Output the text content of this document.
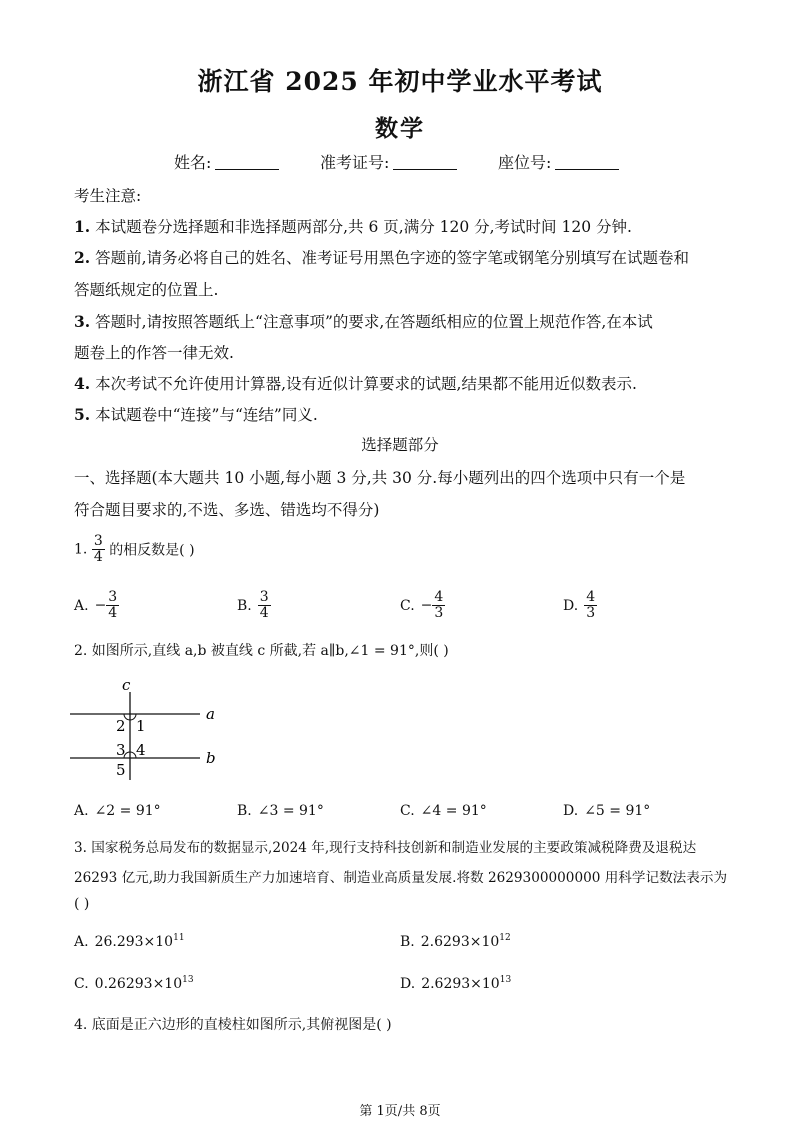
浙江省 2025 年初中学业水平考试
数学
姓名:	准考证号:	座位号:
考生注意:
1. 本试题卷分选择题和非选择题两部分,共 6 页,满分 120 分,考试时间 120 分钟.
2. 答题前,请务必将自己的姓名、准考证号用黑色字迹的签字笔或钢笔分别填写在试题卷和
答题纸规定的位置上.
3. 答题时,请按照答题纸上“注意事项”的要求,在答题纸相应的位置上规范作答,在本试
题卷上的作答一律无效.
4. 本次考试不允许使用计算器,设有近似计算要求的试题,结果都不能用近似数表示.
5. 本试题卷中“连接”与“连结”同义.
选择题部分
一、选择题(本大题共 10 小题,每小题 3 分,共 30 分.每小题列出的四个选项中只有一个是
符合题目要求的,不选、多选、错选均不得分)
1. $\frac{3}{4}$ 的相反数是( )
A. − $\frac{3}{4}$	B. $\frac{3}{4}$	C. − $\frac{4}{3}$	D. $\frac{4}{3}$
2. 如图所示,直线 a,b 被直线 c 所截,若 a∥b,∠1 = 91°,则( )
c
a
b
2 1
3 4
5
A. ∠2 = 91°	B. ∠3 = 91°	C. ∠4 = 91°	D. ∠5 = 91°
3. 国家税务总局发布的数据显示,2024 年,现行支持科技创新和制造业发展的主要政策减税降费及退税达
26293 亿元,助力我国新质生产力加速培育、制造业高质量发展.将数 2629300000000 用科学记数法表示为
( )
A. $26.293\times 10^{11}$	B. $2.6293\times 10^{12}$
C. $0.26293\times 10^{13}$	D. $2.6293\times 10^{13}$
4. 底面是正六边形的直棱柱如图所示,其俯视图是( )
第 1页/共 8页
